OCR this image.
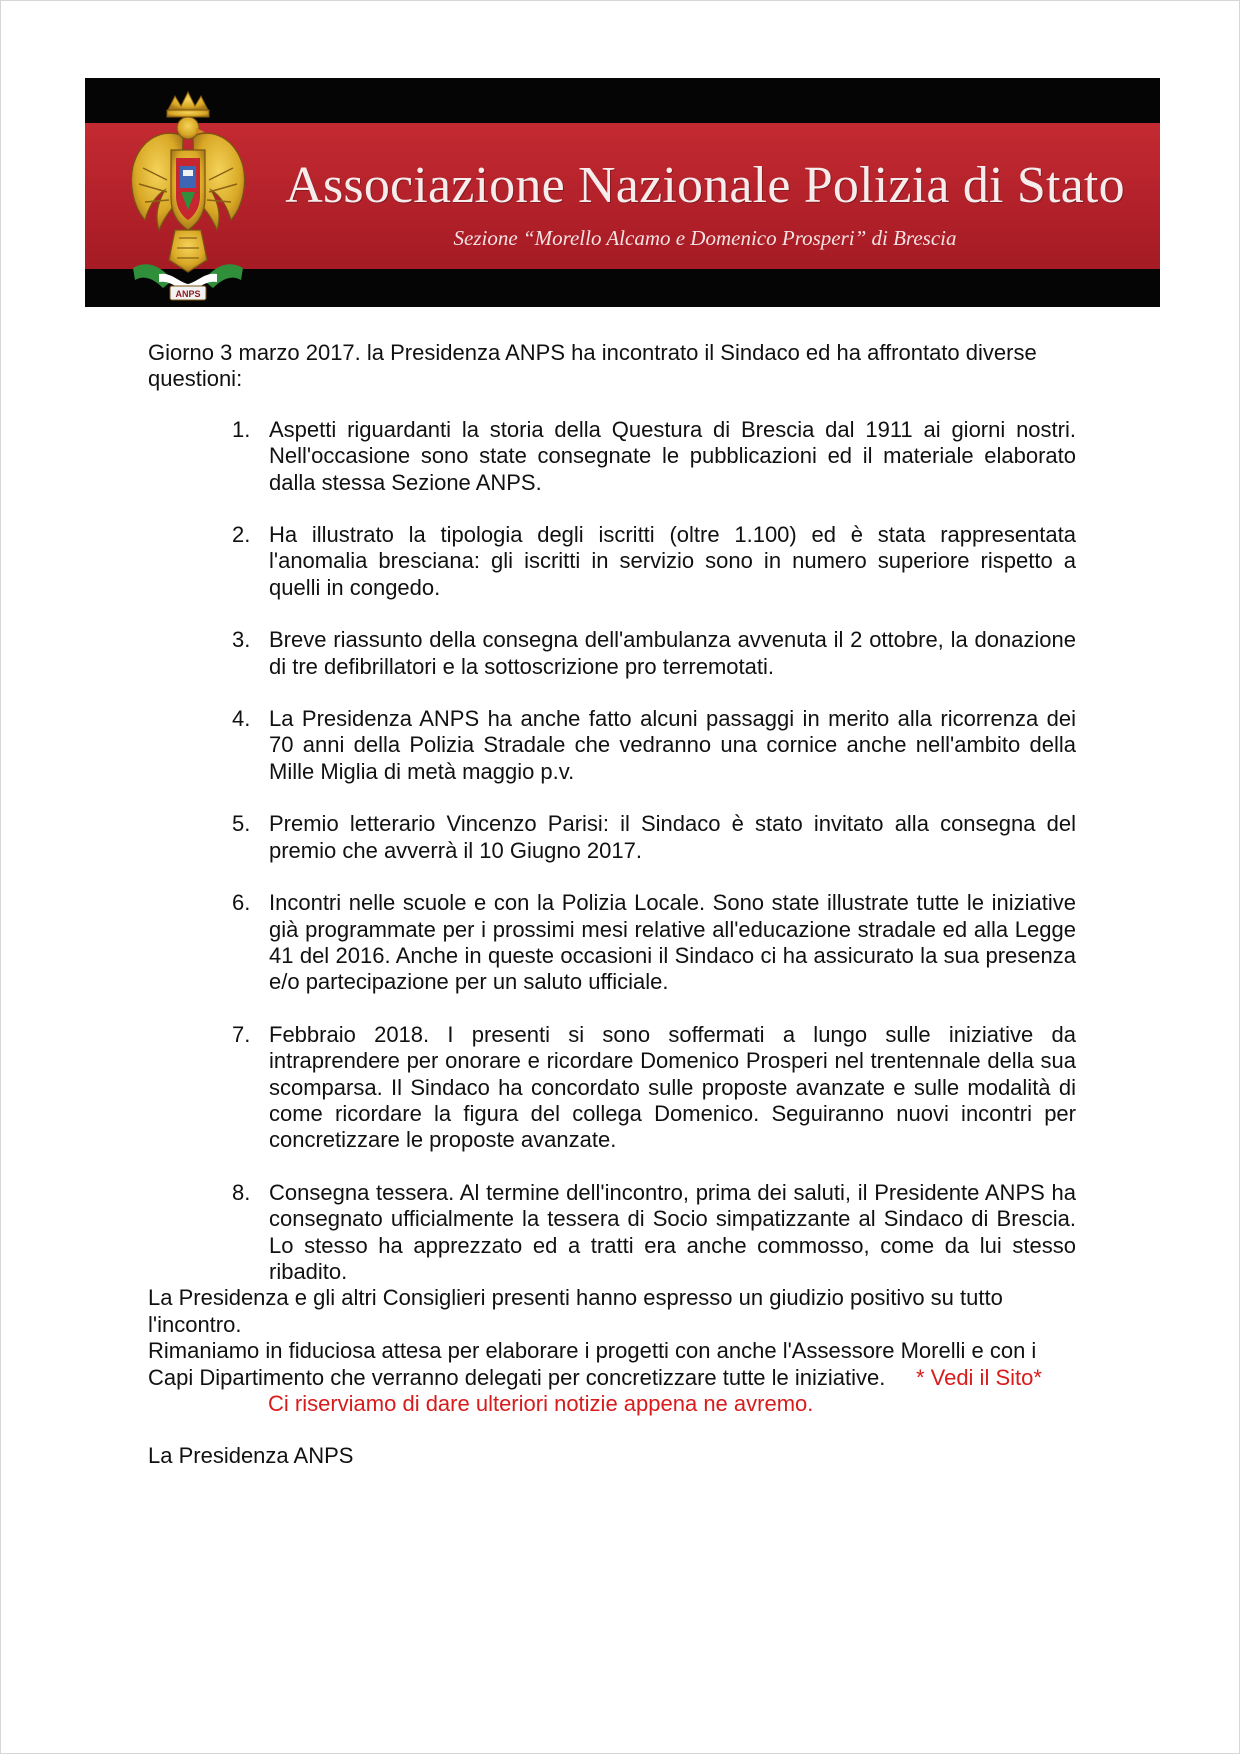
ANPS
Associazione Nazionale Polizia di Stato
Sezione “Morello Alcamo e Domenico Prosperi” di Brescia

Giorno 3 marzo 2017. la Presidenza ANPS ha incontrato il Sindaco ed ha affrontato diverse questioni:

1. Aspetti riguardanti la storia della Questura di Brescia dal 1911 ai giorni nostri. Nell'occasione sono state consegnate le pubblicazioni ed il materiale elaborato dalla stessa Sezione ANPS.
2. Ha illustrato la tipologia degli iscritti (oltre 1.100) ed è stata rappresentata l'anomalia bresciana: gli iscritti in servizio sono in numero superiore rispetto a quelli in congedo.
3. Breve riassunto della consegna dell'ambulanza avvenuta il 2 ottobre, la donazione di tre defibrillatori e la sottoscrizione pro terremotati.
4. La Presidenza ANPS ha anche fatto alcuni passaggi in merito alla ricorrenza dei 70 anni della Polizia Stradale che vedranno una cornice anche nell'ambito della Mille Miglia di metà maggio p.v.
5. Premio letterario Vincenzo Parisi: il Sindaco è stato invitato alla consegna del premio che avverrà il 10 Giugno 2017.
6. Incontri nelle scuole e con la Polizia Locale. Sono state illustrate tutte le iniziative già programmate per i prossimi mesi relative all'educazione stradale ed alla Legge 41 del 2016. Anche in queste occasioni il Sindaco ci ha assicurato la sua presenza e/o partecipazione per un saluto ufficiale.
7. Febbraio 2018. I presenti si sono soffermati a lungo sulle iniziative da intraprendere per onorare e ricordare Domenico Prosperi nel trentennale della sua scomparsa. Il Sindaco ha concordato sulle proposte avanzate e sulle modalità di come ricordare la figura del collega Domenico. Seguiranno nuovi incontri per concretizzare le proposte avanzate.
8. Consegna tessera. Al termine dell'incontro, prima dei saluti, il Presidente ANPS ha consegnato ufficialmente la tessera di Socio simpatizzante al Sindaco di Brescia. Lo stesso ha apprezzato ed a tratti era anche commosso, come da lui stesso ribadito.

La Presidenza e gli altri Consiglieri presenti hanno espresso un giudizio positivo su tutto l'incontro.

Rimaniamo in fiduciosa attesa per elaborare i progetti con anche l'Assessore Morelli e con i Capi Dipartimento che verranno delegati per concretizzare tutte le iniziative. * Vedi il Sito*

Ci riserviamo di dare ulteriori notizie appena ne avremo.

La Presidenza ANPS
